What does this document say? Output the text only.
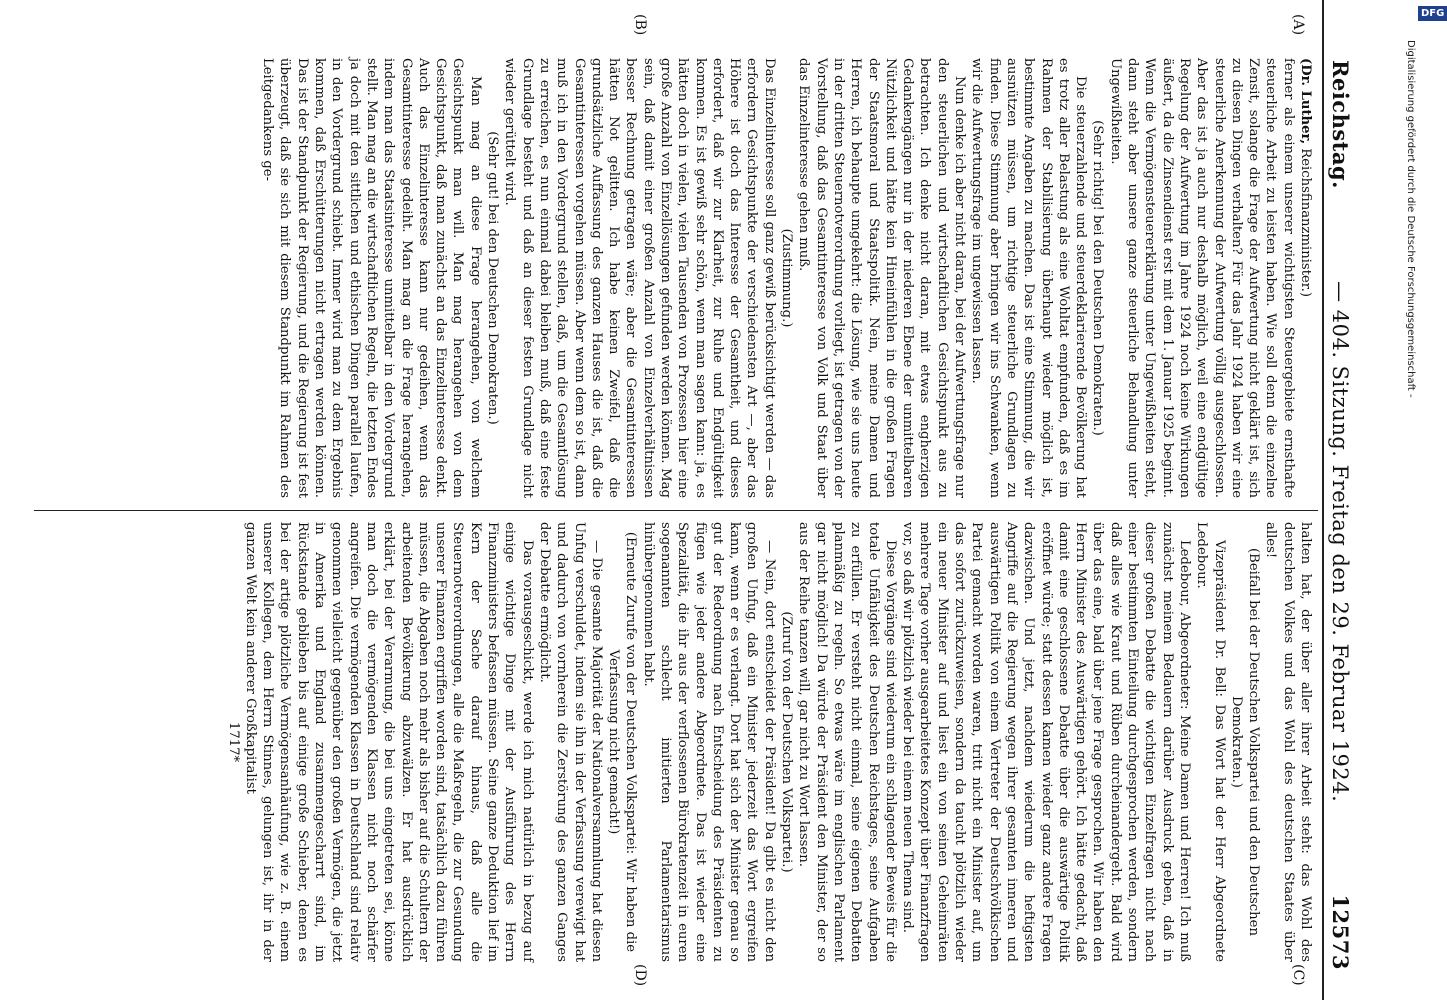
Reichstag.
— 404. Sitzung. Freitag den 29. Februar 1924.
12573
(A)
(B)
(C)
(D)

(Dr. Luther, Reichsfinanzminister.)

ferner als einem unserer wichtigsten Steuergebiete ernsthafte steuerliche Arbeit zu leisten haben. Wie soll denn die einzelne Zensit, solange die Frage der Aufwertung nicht geklärt ist, sich zu diesen Dingen verhalten? Für das Jahr 1924 haben wir eine steuerliche Anerkennung der Aufwertung völlig ausgeschlossen. Aber das ist ja auch nur deshalb möglich, weil eine endgültige Regelung der Aufwertung im Jahre 1924 noch keine Wirkungen äußert, da die Zinsendienst erst mit dem 1. Januar 1925 beginnt. Wenn die Vermögensteuererklärung unter Ungewißheiten steht, dann steht aber unsere ganze steuerliche Behandlung unter Ungewißheiten.

(Sehr richtig! bei den Deutschen Demokraten.)

Die steuerzahlende und steuerdeklarierende Bevölkerung hat es trotz aller Belastung als eine Wohltat empfunden, daß es im Rahmen der Stabilisierung überhaupt wieder möglich ist, bestimmte Angaben zu machen. Das ist eine Stimmung, die wir ausnützen müssen, um richtige steuerliche Grundlagen zu finden. Diese Stimmung aber bringen wir ins Schwanken, wenn wir die Aufwertungsfrage im ungewissen lassen.

Nun denke ich aber nicht daran, bei der Aufwertungsfrage nur den steuerlichen und wirtschaftlichen Gesichtspunkt aus zu betrachten. Ich denke nicht daran, mit etwas engherzigen Gedankengängen nur in der niederen Ebene der unmittelbaren Nützlichkeit und hätte kein Hineinfühlen in die großen Fragen der Staatsmoral und Staatspolitik. Nein, meine Damen und Herren, ich behaupte umgekehrt: die Lösung, wie sie uns heute in der dritten Steuernotverordnung vorliegt, ist getragen von der Vorstellung, daß das Gesamtinteresse von Volk und Staat über das Einzelinteresse gehen muß.

(Zustimmung.)

Das Einzelinteresse soll ganz gewiß berücksichtigt werden — das erfordern Gesichtspunkte der verschiedensten Art —, aber das Höhere ist doch das Interesse der Gesamtheit, und dieses erfordert, daß wir zur Klarheit, zur Ruhe und Endgültigkeit kommen. Es ist gewiß sehr schön, wenn man sagen kann: ja, es hätten doch in vielen, vielen Tausenden von Prozessen hier eine große Anzahl von Einzellösungen gefunden werden können. Mag sein, daß damit einer großen Anzahl von Einzelverhältnissen besser Rechnung getragen wäre; aber die Gesamtinteressen hätten Not gelitten. Ich habe keinen Zweifel, daß die grundsätzliche Auffassung des ganzen Hauses die ist, daß die Gesamtinteressen vorgehen müssen. Aber wenn dem so ist, dann muß ich in den Vordergrund stellen, daß, um die Gesamtlösung zu erreichen, es nun einmal dabei bleiben muß, daß eine feste Grundlage besteht und daß an dieser festen Grundlage nicht wieder gerüttelt wird.

(Sehr gut! bei den Deutschen Demokraten.)

Man mag an diese Frage herangehen, von welchem Gesichtspunkt man will. Man mag herangehen von dem Gesichtspunkt, daß man zunächst an das Einzelinteresse denkt. Auch das Einzelinteresse kann nur gedeihen, wenn das Gesamtinteresse gedeiht. Man mag an die Frage herangehen, indem man das Staatsinteresse unmittelbar in den Vordergrund stellt. Man mag an die wirtschaftlichen Regeln, die letzten Endes ja doch mit den sittlichen und ethischen Dingen parallel laufen, in den Vordergrund schiebt. Immer wird man zu dem Ergebnis kommen, daß Erschütterungen nicht ertragen werden können. Das ist der Standpunkt der Regierung, und die Regierung ist fest überzeugt, daß sie sich mit diesem Standpunkt im Rahmen des Leitgedankens ge-

halten hat, der über aller ihrer Arbeit steht: das Wohl des deutschen Volkes und das Wohl des deutschen Staates über alles!

(Beifall bei der Deutschen Volkspartei und den Deutschen Demokraten.)

Vizepräsident Dr. Bell: Das Wort hat der Herr Abgeordnete Ledebour.

Ledebour, Abgeordneter: Meine Damen und Herren! Ich muß zunächst meinem Bedauern darüber Ausdruck geben, daß in dieser großen Debatte die wichtigen Einzelfragen nicht nach einer bestimmten Einteilung durchgesprochen werden, sondern daß alles wie Kraut und Rüben durcheinandergeht. Bald wird über das eine, bald über jene Frage gesprochen. Wir haben den Herrn Minister des Auswärtigen gehört. Ich hätte gedacht, daß damit eine geschlossene Debatte über die auswärtige Politik eröffnet würde; statt dessen kamen wieder ganz andere Fragen dazwischen. Und jetzt, nachdem wiederum die heftigsten Angriffe auf die Regierung wegen ihrer gesamten inneren und auswärtigen Politik von einem Vertreter der Deutschvölkischen Partei gemacht worden waren, tritt nicht ein Minister auf, um das sofort zurückzuweisen, sondern da taucht plötzlich wieder ein neuer Minister auf und liest ein von seinen Geheimräten mehrere Tage vorher ausgearbeitetes Konzept über Finanzfragen vor, so daß wir plötzlich wieder bei einem neuen Thema sind.

Diese Vorgänge sind wiederum ein schlagender Beweis für die totale Unfähigkeit des Deutschen Reichstages, seine Aufgaben zu erfüllen. Er versteht nicht einmal, seine eigenen Debatten planmäßig zu regeln. So etwas wäre im englischen Parlament gar nicht möglich! Da würde der Präsident den Minister, der so aus der Reihe tanzen will, gar nicht zu Wort lassen.

(Zuruf von der Deutschen Volkspartei.)

— Nein, dort entscheidet der Präsident! Da gibt es nicht den großen Unfug, daß ein Minister jederzeit das Wort ergreifen kann, wenn er es verlangt. Dort hat sich der Minister genau so gut der Redeordnung nach Entscheidung des Präsidenten zu fügen wie jeder andere Abgeordnete. Das ist wieder eine Spezialität, die ihr aus der verflossenen Bürokratenzeit in euren sogenannten schlecht imitierten Parlamentarismus hinübergenommen habt.

(Erneute Zurufe von der Deutschen Volkspartei: Wir haben die Verfassung nicht gemacht!)

— Die gesamte Majorität der Nationalversammlung hat diesen Unfug verschuldet, indem sie ihn in der Verfassung verewigt hat und dadurch von vornherein die Zerstörung des ganzen Ganges der Debatte ermöglicht.

Das vorausgeschickt, werde ich mich natürlich in bezug auf einige wichtige Dinge mit der Ausführung des Herrn Finanzministers befassen müssen. Seine ganze Deduktion lief im Kern der Sache darauf hinaus, daß alle die Steuernotverordnungen, alle die Maßregeln, die zur Gesundung unserer Finanzen ergriffen worden sind, tatsächlich dazu führen müssen, die Abgaben noch mehr als bisher auf die Schultern der arbeitenden Bevölkerung abzuwälzen. Er hat ausdrücklich erklärt, bei der Verarmung, die bei uns eingetreten sei, könne man doch die vermögenden Klassen nicht noch schärfer angreifen. Die vermögenden Klassen in Deutschland sind relativ genommen vielleicht gegenüber den großen Vermögen, die jetzt in Amerika und England zusammengescharrt sind, im Rückstande geblieben bis auf einige große Schieber, denen es bei der artige plötzliche Vermögensanhäufung, wie z. B. einem unserer Kollegen, dem Herrn Stinnes, gelungen ist, ihr in der ganzen Welt kein anderer Großkapitalist

1717*

Digitalisierung gefördert durch die Deutsche Forschungsgemeinschaft -
DFG
